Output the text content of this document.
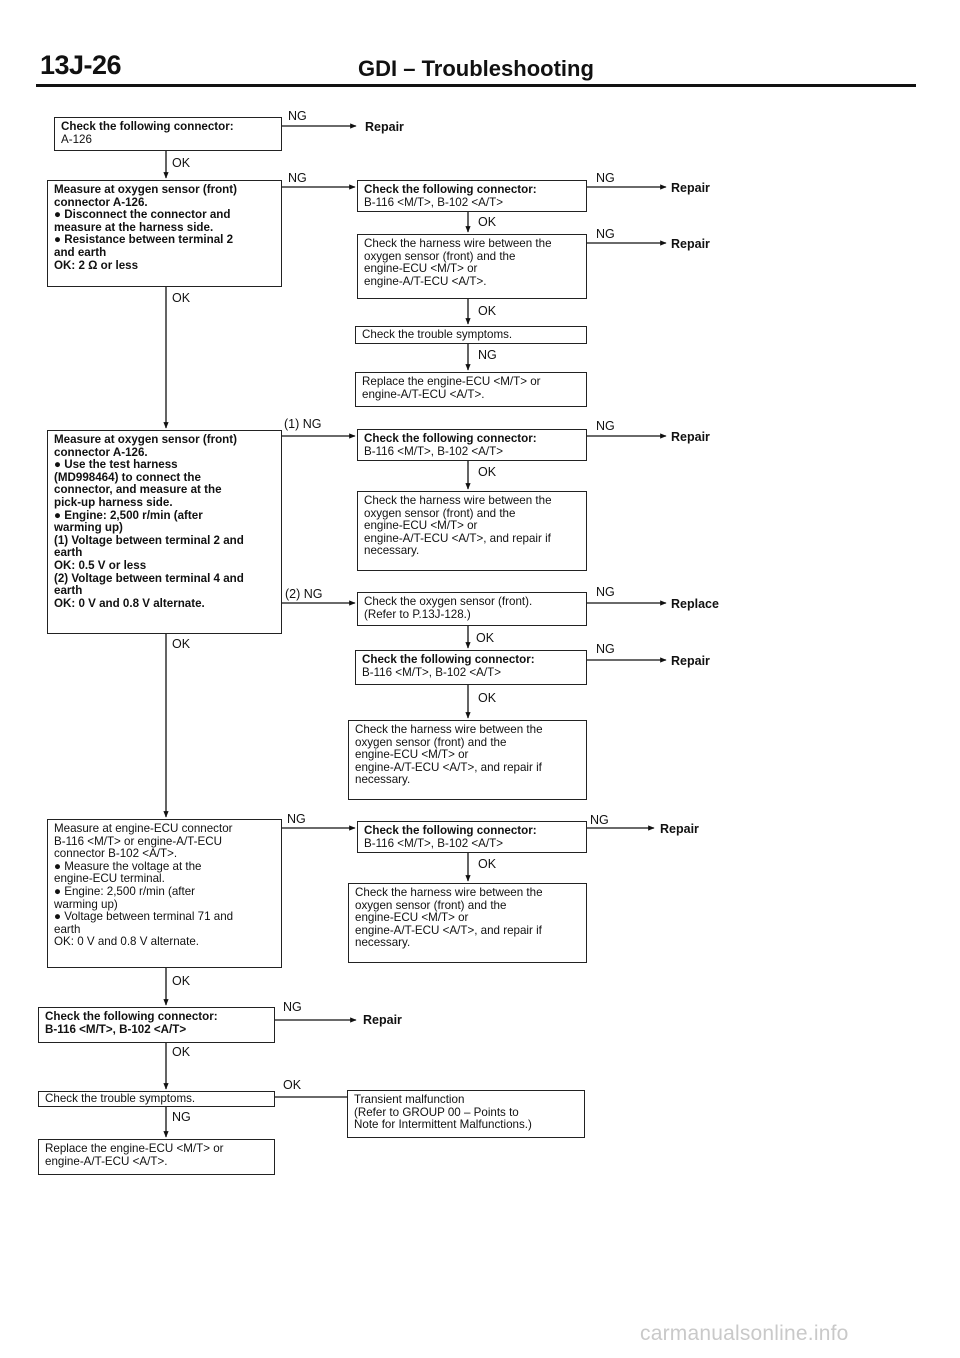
13J-26	GDI – Troubleshooting
Check the following connector:
A-126
Measure at oxygen sensor (front)
connector A-126.
● Disconnect the connector and
measure at the harness side.
● Resistance between terminal 2
and earth
OK: 2 Ω or less
Measure at oxygen sensor (front)
connector A-126.
● Use the test harness
(MD998464) to connect the
connector, and measure at the
pick-up harness side.
● Engine: 2,500 r/min (after
warming up)
(1) Voltage between terminal 2 and
earth
OK: 0.5 V or less
(2) Voltage between terminal 4 and
earth
OK: 0 V and 0.8 V alternate.
Measure at engine-ECU connector
B-116 <M/T> or engine-A/T-ECU
connector B-102 <A/T>.
● Measure the voltage at the
engine-ECU terminal.
● Engine: 2,500 r/min (after
warming up)
● Voltage between terminal 71 and
earth
OK: 0 V and 0.8 V alternate.
Check the following connector:
B-116 <M/T>, B-102 <A/T>
Check the trouble symptoms.
Replace the engine-ECU <M/T> or
engine-A/T-ECU <A/T>.
Check the following connector:
B-116 <M/T>, B-102 <A/T>
Check the harness wire between the
oxygen sensor (front) and the
engine-ECU <M/T> or
engine-A/T-ECU <A/T>.
Check the trouble symptoms.
Replace the engine-ECU <M/T> or
engine-A/T-ECU <A/T>.
Check the following connector:
B-116 <M/T>, B-102 <A/T>
Check the harness wire between the
oxygen sensor (front) and the
engine-ECU <M/T> or
engine-A/T-ECU <A/T>, and repair if
necessary.
Check the oxygen sensor (front).
(Refer to P.13J-128.)
Check the following connector:
B-116 <M/T>, B-102 <A/T>
Check the harness wire between the
oxygen sensor (front) and the
engine-ECU <M/T> or
engine-A/T-ECU <A/T>, and repair if
necessary.
Check the following connector:
B-116 <M/T>, B-102 <A/T>
Check the harness wire between the
oxygen sensor (front) and the
engine-ECU <M/T> or
engine-A/T-ECU <A/T>, and repair if
necessary.
Transient malfunction
(Refer to GROUP 00 – Points to
Note for Intermittent Malfunctions.)
NG
OK
NG
OK
NG
OK
NG
OK
NG
(1) NG	NG
OK
(2) NG	NG
OK	OK
NG
OK
NG	NG
OK
OK
NG
OK
OK
NG
Repair
Repair
Repair
Repair
Replace
Repair
Repair
Repair
carmanualsonline.info
